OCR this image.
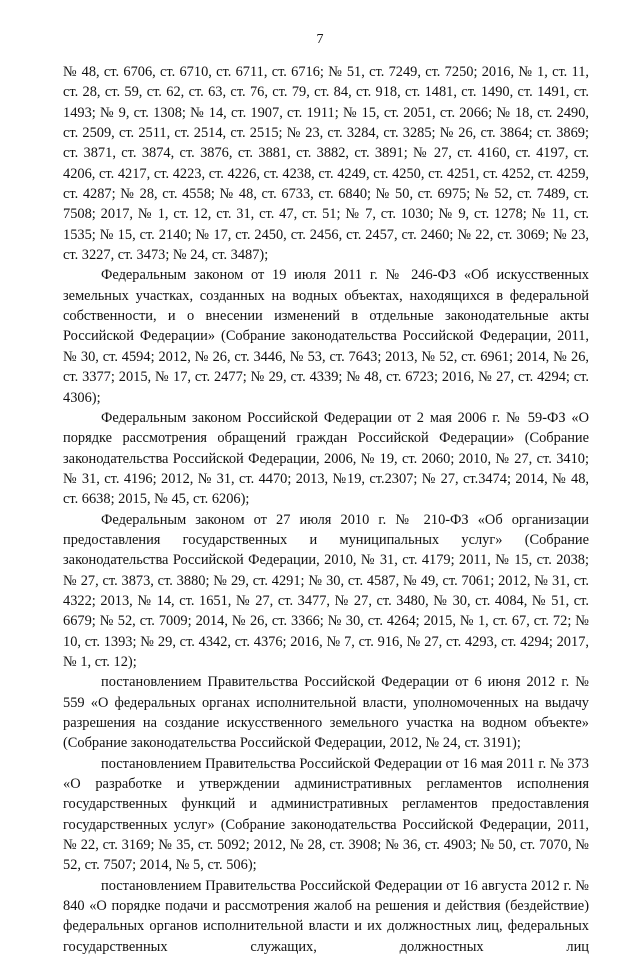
7

№ 48, ст. 6706, ст. 6710, ст. 6711, ст. 6716; № 51, ст. 7249, ст. 7250; 2016, № 1, ст. 11, ст. 28, ст. 59, ст. 62, ст. 63, ст. 76, ст. 79, ст. 84, ст. 918, ст. 1481, ст. 1490, ст. 1491, ст. 1493; № 9, ст. 1308; № 14, ст. 1907, ст. 1911; № 15, ст. 2051, ст. 2066; № 18, ст. 2490, ст. 2509, ст. 2511, ст. 2514, ст. 2515; № 23, ст. 3284, ст. 3285; № 26, ст. 3864; ст. 3869; ст. 3871, ст. 3874, ст. 3876, ст. 3881, ст. 3882, ст. 3891; № 27, ст. 4160, ст. 4197, ст. 4206, ст. 4217, ст. 4223, ст. 4226, ст. 4238, ст. 4249, ст. 4250, ст. 4251, ст. 4252, ст. 4259, ст. 4287; № 28, ст. 4558; № 48, ст. 6733, ст. 6840; № 50, ст. 6975; № 52, ст. 7489, ст. 7508; 2017, № 1, ст. 12, ст. 31, ст. 47, ст. 51; № 7, ст. 1030; № 9, ст. 1278; № 11, ст. 1535; № 15, ст. 2140; № 17, ст. 2450, ст. 2456, ст. 2457, ст. 2460; № 22, ст. 3069; № 23, ст. 3227, ст. 3473; № 24, ст. 3487);

Федеральным законом от 19 июля 2011 г. № 246-ФЗ «Об искусственных земельных участках, созданных на водных объектах, находящихся в федеральной собственности, и о внесении изменений в отдельные законодательные акты Российской Федерации» (Собрание законодательства Российской Федерации, 2011, № 30, ст. 4594; 2012, № 26, ст. 3446, № 53, ст. 7643; 2013, № 52, ст. 6961; 2014, № 26, ст. 3377; 2015, № 17, ст. 2477; № 29, ст. 4339; № 48, ст. 6723; 2016, № 27, ст. 4294; ст. 4306);

Федеральным законом Российской Федерации от 2 мая 2006 г. № 59-ФЗ «О порядке рассмотрения обращений граждан Российской Федерации» (Собрание законодательства Российской Федерации, 2006, № 19, ст. 2060; 2010, № 27, ст. 3410; № 31, ст. 4196; 2012, № 31, ст. 4470; 2013, №19, ст.2307; № 27, ст.3474; 2014, № 48, ст. 6638; 2015, № 45, ст. 6206);

Федеральным законом от 27 июля 2010 г. № 210-ФЗ «Об организации предоставления государственных и муниципальных услуг» (Собрание законодательства Российской Федерации, 2010, № 31, ст. 4179; 2011, № 15, ст. 2038; № 27, ст. 3873, ст. 3880; № 29, ст. 4291; № 30, ст. 4587, № 49, ст. 7061; 2012, № 31, ст. 4322; 2013, № 14, ст. 1651, № 27, ст. 3477, № 27, ст. 3480, № 30, ст. 4084, № 51, ст. 6679; № 52, ст. 7009; 2014, № 26, ст. 3366; № 30, ст. 4264; 2015, № 1, ст. 67, ст. 72; № 10, ст. 1393; № 29, ст. 4342, ст. 4376; 2016, № 7, ст. 916, № 27, ст. 4293, ст. 4294; 2017, № 1, ст. 12);

постановлением Правительства Российской Федерации от 6 июня 2012 г. № 559 «О федеральных органах исполнительной власти, уполномоченных на выдачу разрешения на создание искусственного земельного участка на водном объекте» (Собрание законодательства Российской Федерации, 2012, № 24, ст. 3191);

постановлением Правительства Российской Федерации от 16 мая 2011 г. № 373 «О разработке и утверждении административных регламентов исполнения государственных функций и административных регламентов предоставления государственных услуг» (Собрание законодательства Российской Федерации, 2011, № 22, ст. 3169; № 35, ст. 5092; 2012, № 28, ст. 3908; № 36, ст. 4903; № 50, ст. 7070, № 52, ст. 7507; 2014, № 5, ст. 506);

постановлением Правительства Российской Федерации от 16 августа 2012 г. № 840 «О порядке подачи и рассмотрения жалоб на решения и действия (бездействие) федеральных органов исполнительной власти и их должностных лиц, федеральных государственных служащих, должностных лиц
